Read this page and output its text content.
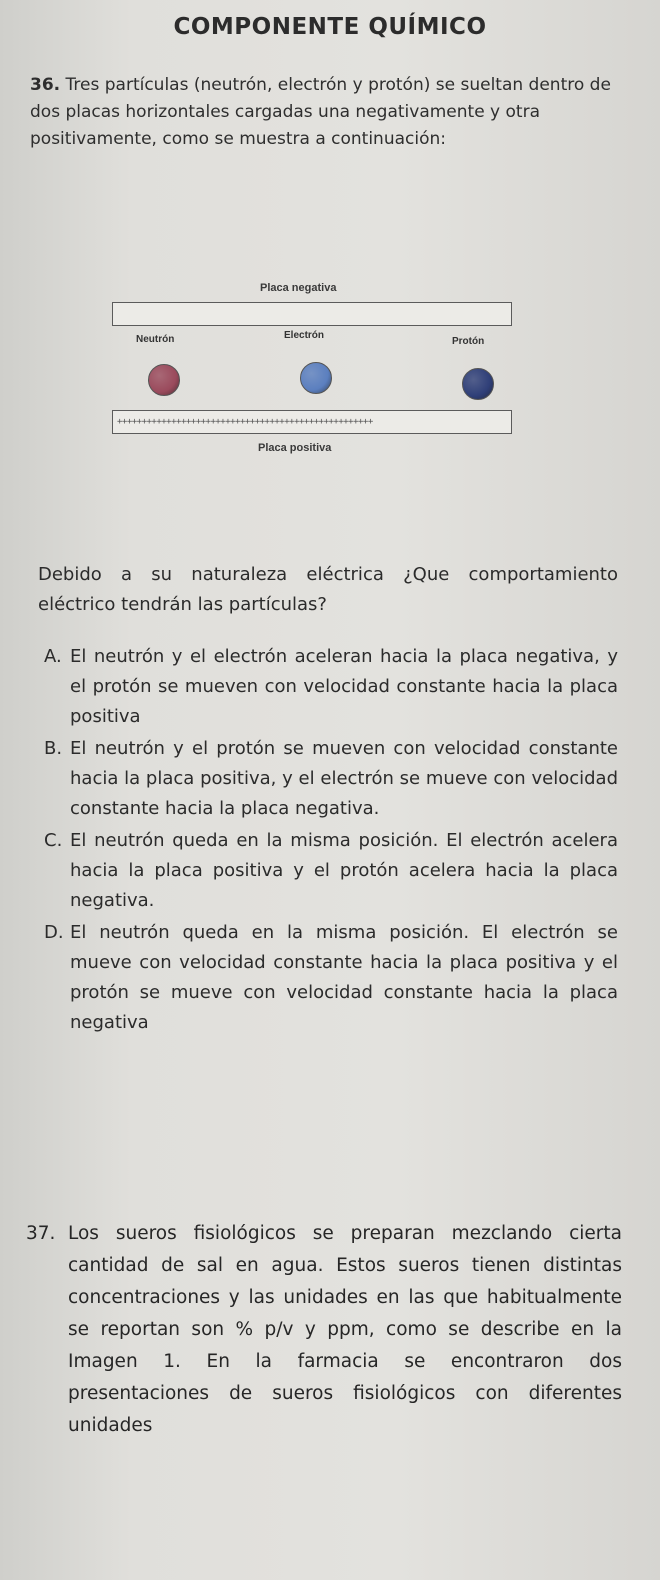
COMPONENTE QUÍMICO
36. Tres partículas (neutrón, electrón y protón) se sueltan dentro de dos placas horizontales cargadas una negativamente y otra positivamente, como se muestra a continuación:
Placa negativa
Neutrón	Electrón
Protón
++++++++++++++++++++++++++++++++++++++++++++++++++++
Placa positiva
Debido a su naturaleza eléctrica ¿Que comportamiento eléctrico tendrán las partículas?
A. El neutrón y el electrón aceleran hacia la placa negativa, y el protón se mueven con velocidad constante hacia la placa positiva
B. El neutrón y el protón se mueven con velocidad constante hacia la placa positiva, y el electrón se mueve con velocidad constante hacia la placa negativa.
C. El neutrón queda en la misma posición. El electrón acelera hacia la placa positiva y el protón acelera hacia la placa negativa.
D. El neutrón queda en la misma posición. El electrón se mueve con velocidad constante hacia la placa positiva y el protón se mueve con velocidad constante hacia la placa negativa
37. Los sueros fisiológicos se preparan mezclando cierta cantidad de sal en agua. Estos sueros tienen distintas concentraciones y las unidades en las que habitualmente se reportan son % p/v y ppm, como se describe en la Imagen 1. En la farmacia se encontraron dos presentaciones de sueros fisiológicos con diferentes unidades
